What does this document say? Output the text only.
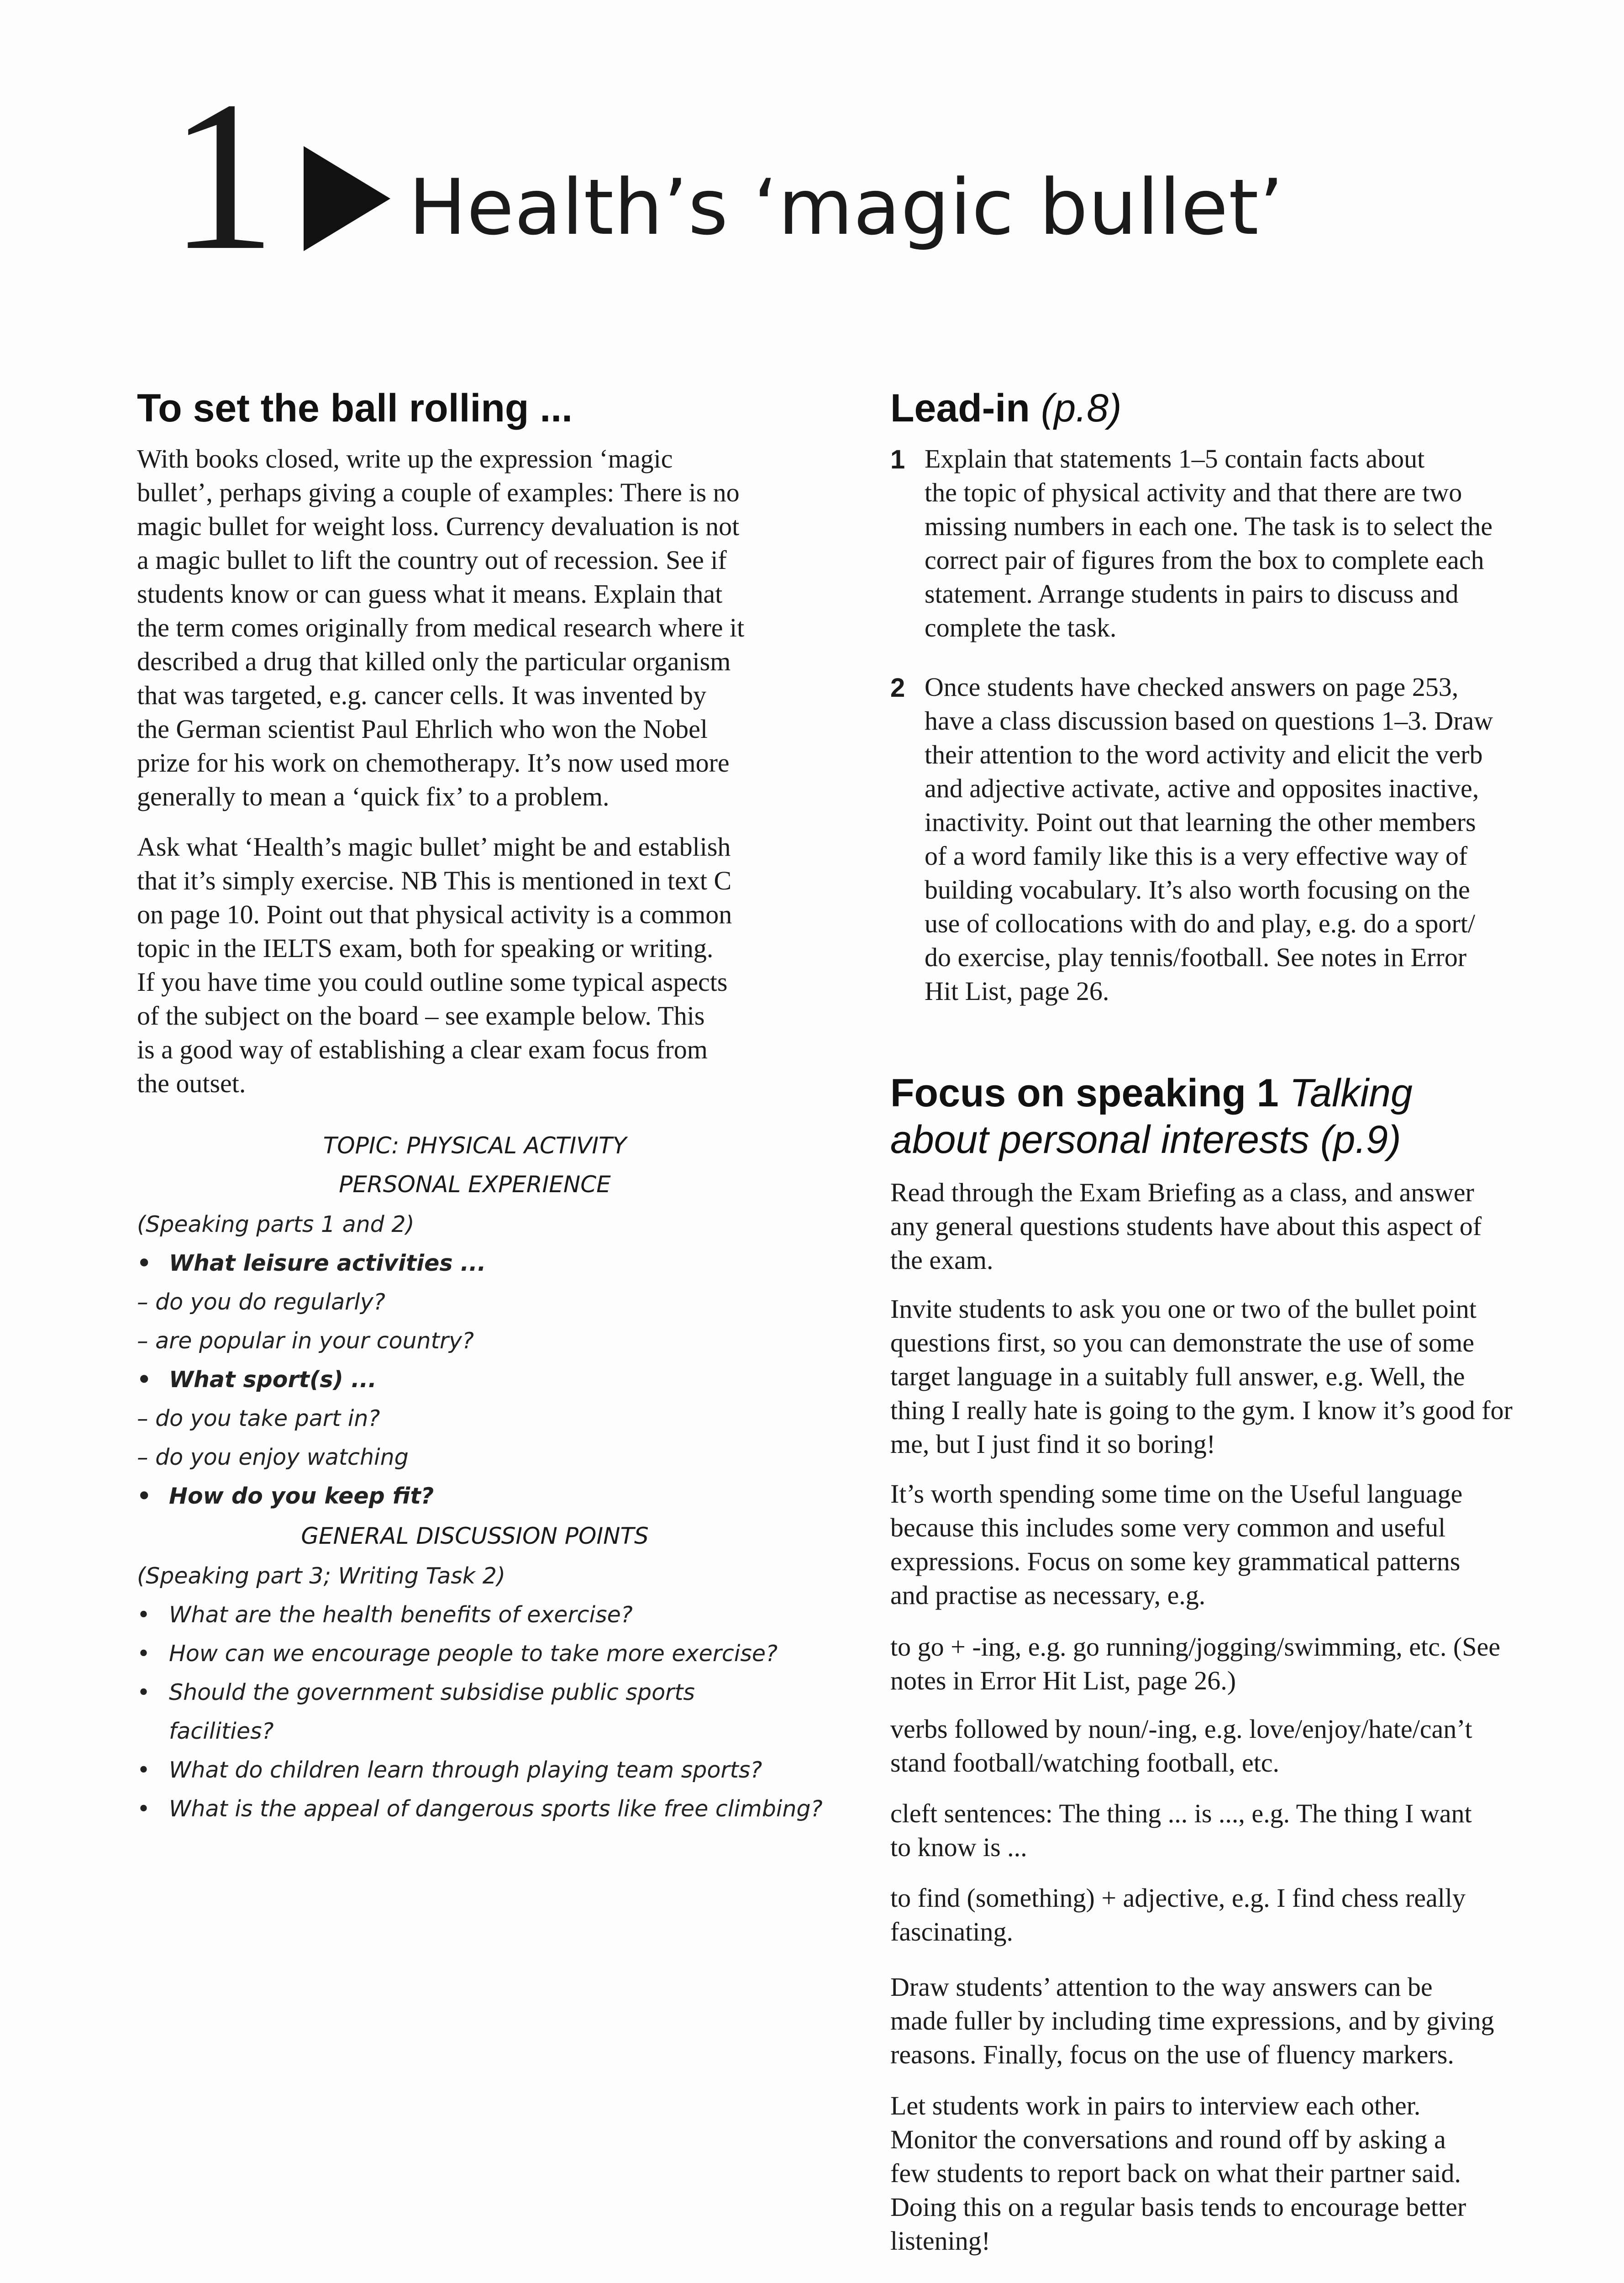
1 Health’s ‘magic bullet’
To set the ball rolling ...
With books closed, write up the expression ‘magic
bullet’, perhaps giving a couple of examples: There is no
magic bullet for weight loss. Currency devaluation is not
a magic bullet to lift the country out of recession. See if
students know or can guess what it means. Explain that
the term comes originally from medical research where it
described a drug that killed only the particular organism
that was targeted, e.g. cancer cells. It was invented by
the German scientist Paul Ehrlich who won the Nobel
prize for his work on chemotherapy. It’s now used more
generally to mean a ‘quick fix’ to a problem.
Ask what ‘Health’s magic bullet’ might be and establish
that it’s simply exercise. NB This is mentioned in text C
on page 10. Point out that physical activity is a common
topic in the IELTS exam, both for speaking or writing.
If you have time you could outline some typical aspects
of the subject on the board – see example below. This
is a good way of establishing a clear exam focus from
the outset.
TOPIC: PHYSICAL ACTIVITY
PERSONAL EXPERIENCE
(Speaking parts 1 and 2)
• What leisure activities ...
– do you do regularly?
– are popular in your country?
• What sport(s) ...
– do you take part in?
– do you enjoy watching
• How do you keep fit?
GENERAL DISCUSSION POINTS
(Speaking part 3; Writing Task 2)
• What are the health benefits of exercise?
• How can we encourage people to take more exercise?
• Should the government subsidise public sports
facilities?
• What do children learn through playing team sports?
• What is the appeal of dangerous sports like free climbing?
Lead-in (p.8)
1 Explain that statements 1–5 contain facts about
the topic of physical activity and that there are two
missing numbers in each one. The task is to select the
correct pair of figures from the box to complete each
statement. Arrange students in pairs to discuss and
complete the task.
2 Once students have checked answers on page 253,
have a class discussion based on questions 1–3. Draw
their attention to the word activity and elicit the verb
and adjective activate, active and opposites inactive,
inactivity. Point out that learning the other members
of a word family like this is a very effective way of
building vocabulary. It’s also worth focusing on the
use of collocations with do and play, e.g. do a sport/
do exercise, play tennis/football. See notes in Error
Hit List, page 26.
Focus on speaking 1 Talking
about personal interests (p.9)
Read through the Exam Briefing as a class, and answer
any general questions students have about this aspect of
the exam.
Invite students to ask you one or two of the bullet point
questions first, so you can demonstrate the use of some
target language in a suitably full answer, e.g. Well, the
thing I really hate is going to the gym. I know it’s good for
me, but I just find it so boring!
It’s worth spending some time on the Useful language
because this includes some very common and useful
expressions. Focus on some key grammatical patterns
and practise as necessary, e.g.
to go + -ing, e.g. go running/jogging/swimming, etc. (See
notes in Error Hit List, page 26.)
verbs followed by noun/-ing, e.g. love/enjoy/hate/can’t
stand football/watching football, etc.
cleft sentences: The thing ... is ..., e.g. The thing I want
to know is ...
to find (something) + adjective, e.g. I find chess really
fascinating.
Draw students’ attention to the way answers can be
made fuller by including time expressions, and by giving
reasons. Finally, focus on the use of fluency markers.
Let students work in pairs to interview each other.
Monitor the conversations and round off by asking a
few students to report back on what their partner said.
Doing this on a regular basis tends to encourage better
listening!
